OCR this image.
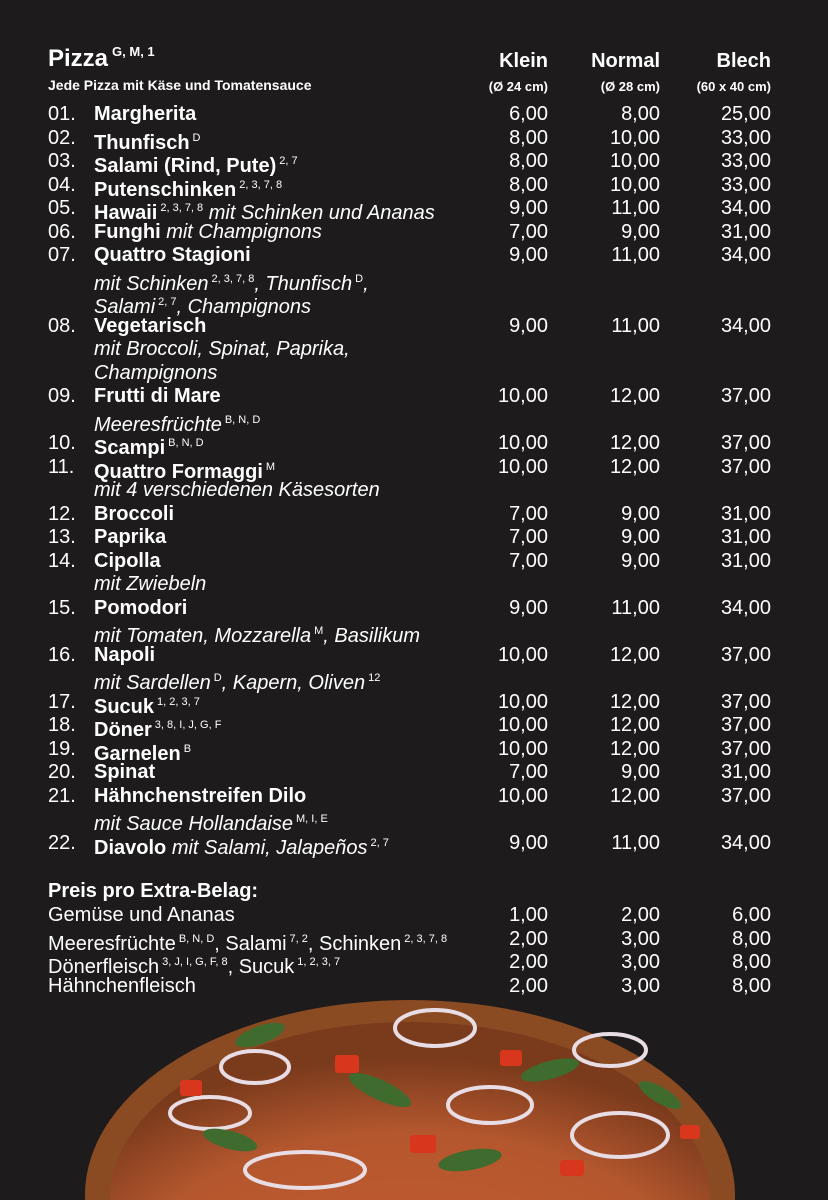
Pizza $^{G, M, 1}$
Jede Pizza mit Käse und Tomatensauce
Klein
(Ø 24 cm)
Normal
(Ø 28 cm)
Blech
(60 x 40 cm)
01. Margherita	6,00	8,00	25,00
02. Thunfisch $^D$	8,00	10,00	33,00
03. Salami (Rind, Pute) $^{2, 7}$	8,00	10,00	33,00
04. Putenschinken $^{2, 3, 7, 8}$	8,00	10,00	33,00
05. Hawaii $^{2, 3, 7, 8}$ mit Schinken und Ananas	9,00	11,00	34,00
06. Funghi mit Champignons	7,00	9,00	31,00
07. Quattro Stagioni	9,00	11,00	34,00
mit Schinken $^{2, 3, 7, 8}$, Thunfisch $^D$,
Salami $^{2, 7}$, Champignons
08. Vegetarisch	9,00	11,00	34,00
mit Broccoli, Spinat, Paprika,
Champignons
09. Frutti di Mare	10,00	12,00	37,00
Meeresfrüchte $^{B, N, D}$
10. Scampi $^{B, N, D}$	10,00	12,00	37,00
11. Quattro Formaggi $^M$	10,00	12,00	37,00
mit 4 verschiedenen Käsesorten
12. Broccoli	7,00	9,00	31,00
13. Paprika	7,00	9,00	31,00
14. Cipolla	7,00	9,00	31,00
mit Zwiebeln
15. Pomodori	9,00	11,00	34,00
mit Tomaten, Mozzarella $^M$, Basilikum
16. Napoli	10,00	12,00	37,00
mit Sardellen $^D$, Kapern, Oliven $^{12}$
17. Sucuk $^{1, 2, 3, 7}$	10,00	12,00	37,00
18. Döner $^{3, 8, I, J, G, F}$	10,00	12,00	37,00
19. Garnelen $^B$	10,00	12,00	37,00
20. Spinat	7,00	9,00	31,00
21. Hähnchenstreifen Dilo	10,00	12,00	37,00
mit Sauce Hollandaise $^{M, I, E}$
22. Diavolo mit Salami, Jalapeños $^{2, 7}$	9,00	11,00	34,00
Preis pro Extra-Belag:
Gemüse und Ananas	1,00	2,00	6,00
Meeresfrüchte $^{B, N, D}$, Salami $^{7, 2}$, Schinken $^{2, 3, 7, 8}$	2,00	3,00	8,00
Dönerfleisch $^{3, J, I, G, F, 8}$, Sucuk $^{1, 2, 3, 7}$	2,00	3,00	8,00
Hähnchenfleisch	2,00	3,00	8,00
